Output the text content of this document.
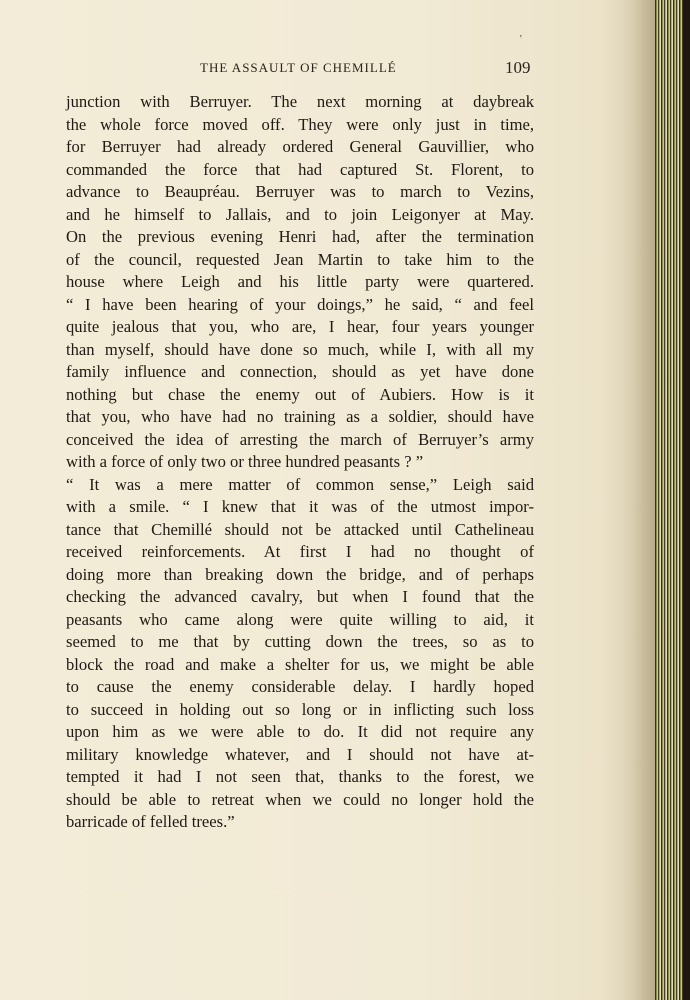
'
THE ASSAULT OF CHEMILLÉ	109
junction with Berruyer. The next morning at daybreak
the whole force moved off. They were only just in time,
for Berruyer had already ordered General Gauvillier, who
commanded the force that had captured St. Florent, to
advance to Beaupréau. Berruyer was to march to Vezins,
and he himself to Jallais, and to join Leigonyer at May.
On the previous evening Henri had, after the termination
of the council, requested Jean Martin to take him to the
house where Leigh and his little party were quartered.
“ I have been hearing of your doings,” he said, “ and feel
quite jealous that you, who are, I hear, four years younger
than myself, should have done so much, while I, with all my
family influence and connection, should as yet have done
nothing but chase the enemy out of Aubiers. How is it
that you, who have had no training as a soldier, should have
conceived the idea of arresting the march of Berruyer’s army
with a force of only two or three hundred peasants ? ”
“ It was a mere matter of common sense,” Leigh said
with a smile. “ I knew that it was of the utmost impor-
tance that Chemillé should not be attacked until Cathelineau
received reinforcements. At first I had no thought of
doing more than breaking down the bridge, and of perhaps
checking the advanced cavalry, but when I found that the
peasants who came along were quite willing to aid, it
seemed to me that by cutting down the trees, so as to
block the road and make a shelter for us, we might be able
to cause the enemy considerable delay. I hardly hoped
to succeed in holding out so long or in inflicting such loss
upon him as we were able to do. It did not require any
military knowledge whatever, and I should not have at-
tempted it had I not seen that, thanks to the forest, we
should be able to retreat when we could no longer hold the
barricade of felled trees.”
